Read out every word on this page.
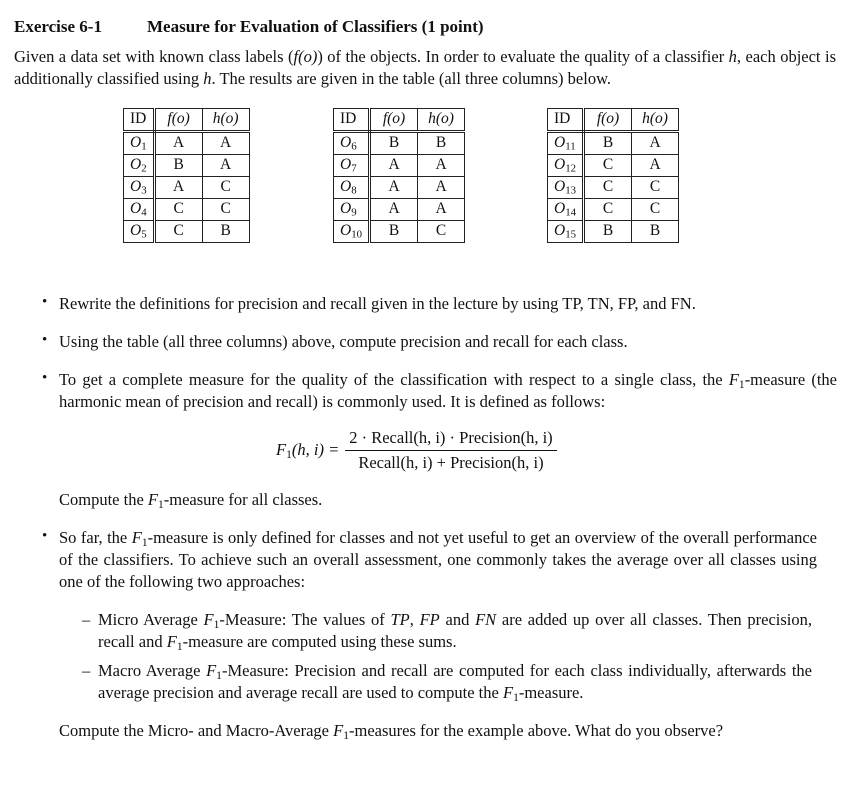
Exercise 6-1	Measure for Evaluation of Classifiers (1 point)
Given a data set with known class labels (f(o)) of the objects. In order to evaluate the quality of a classifier h, each object is additionally classified using h. The results are given in the table (all three columns) below.
ID	f(o)	h(o)
$O_1$	A	A
$O_2$	B	A
$O_3$	A	C
$O_4$	C	C
$O_5$	C	B
ID	f(o)	h(o)
$O_6$	B	B
$O_7$	A	A
$O_8$	A	A
$O_9$	A	A
$O_{10}$	B	C
ID	f(o)	h(o)
$O_{11}$	B	A
$O_{12}$	C	A
$O_{13}$	C	C
$O_{14}$	C	C
$O_{15}$	B	B
• Rewrite the definitions for precision and recall given in the lecture by using TP, TN, FP, and FN.
• Using the table (all three columns) above, compute precision and recall for each class.
• To get a complete measure for the quality of the classification with respect to a single class, the $F_1$-measure (the harmonic mean of precision and recall) is commonly used. It is defined as follows:
$F_1(h$, $i) = \frac{\text{2 · Recall(h, i) · Precision(h, i)}}{\text{Recall(h, i) + Precision(h, i)}}$
Compute the $F_1$-measure for all classes.
• So far, the $F_1$-measure is only defined for classes and not yet useful to get an overview of the overall performance of the classifiers. To achieve such an overall assessment, one commonly takes the average over all classes using one of the following two approaches:
– Micro Average $F_1$-Measure: The values of TP, FP and FN are added up over all classes. Then precision, recall and $F_1$-measure are computed using these sums.
– Macro Average $F_1$-Measure: Precision and recall are computed for each class individually, afterwards the average precision and average recall are used to compute the $F_1$-measure.
Compute the Micro- and Macro-Average $F_1$-measures for the example above. What do you observe?
